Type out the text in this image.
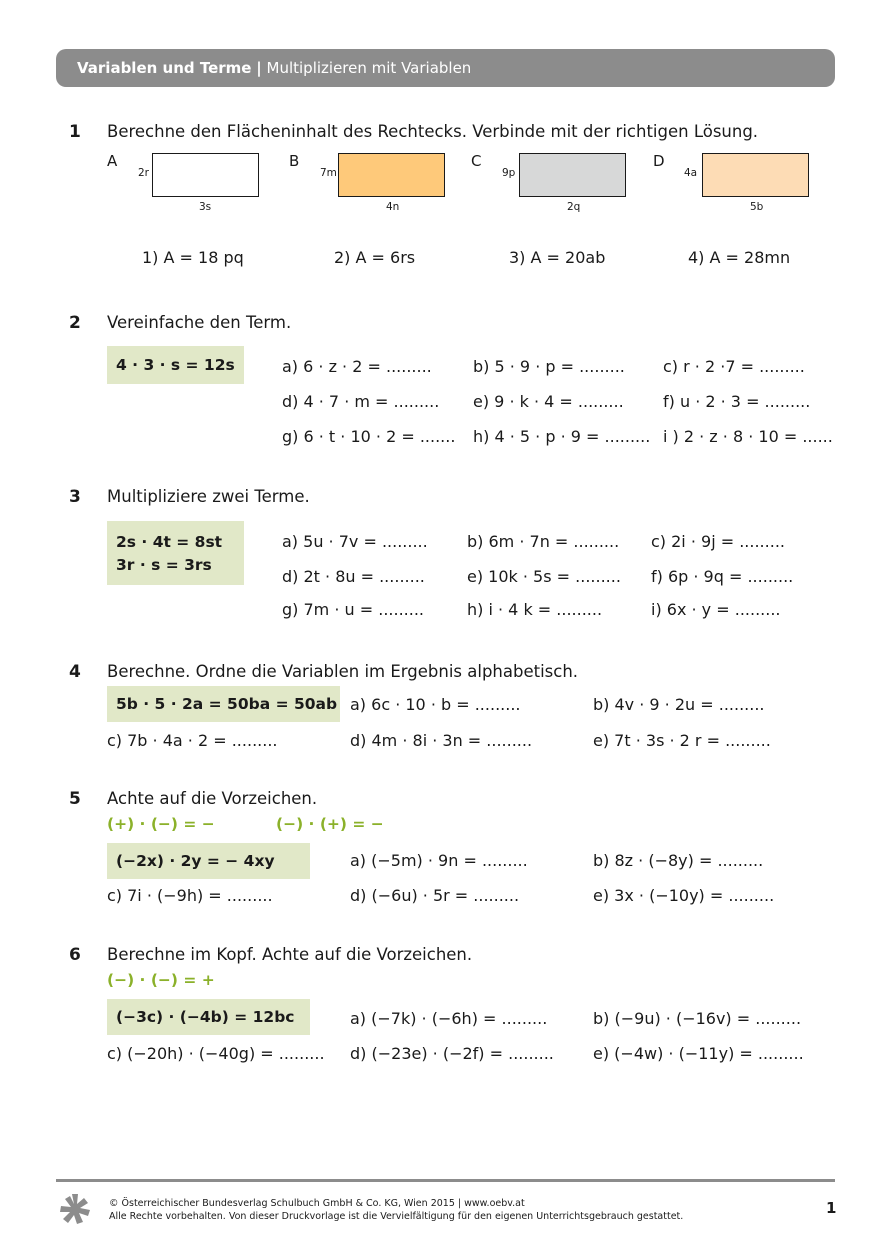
Variablen und Terme | Multiplizieren mit Variablen
1 Berechne den Flächeninhalt des Rechtecks. Verbinde mit der richtigen Lösung.
A
2r
3s
B
7m
4n
C
9p
2q
D
4a
5b
1) A = 18 pq	2) A = 6rs	3) A = 20ab	4) A = 28mn
2 Vereinfache den Term.
4 · 3 · s = 12s	a) 6 · z · 2 = .........	b) 5 · 9 · p = ......... c) r · 2 ·7 = .........
d) 4 · 7 · m = ......... e) 9 · k · 4 = ......... f) u · 2 · 3 = .........
g) 6 · t · 10 · 2 = ....... h) 4 · 5 · p · 9 = ......... i ) 2 · z · 8 · 10 = ......
3 Multipliziere zwei Terme.
2s · 4t = 8st
3r · s = 3rs
a) 5u · 7v = ......... b) 6m · 7n = ......... c) 2i · 9j = .........
d) 2t · 8u = .........	e) 10k · 5s = ......... f) 6p · 9q = .........
g) 7m · u = .........	h) i · 4 k = .........	i) 6x · y = .........
4 Berechne. Ordne die Variablen im Ergebnis alphabetisch.
5b · 5 · 2a = 50ba = 50ab a) 6c · 10 · b = .........	b) 4v · 9 · 2u = .........
c) 7b · 4a · 2 = .........	d) 4m · 8i · 3n = .........	e) 7t · 3s · 2 r = .........
5 Achte auf die Vorzeichen.
(+) · (−) = −	(−) · (+) = −
(−2x) · 2y = − 4xy	a) (−5m) · 9n = .........	b) 8z · (−8y) = .........
c) 7i · (−9h) = .........	d) (−6u) · 5r = .........	e) 3x · (−10y) = .........
6 Berechne im Kopf. Achte auf die Vorzeichen.
(−) · (−) = +
(−3c) · (−4b) = 12bc	a) (−7k) · (−6h) = .........	b) (−9u) · (−16v) = .........
c) (−20h) · (−40g) = ......... d) (−23e) · (−2f) = ......... e) (−4w) · (−11y) = .........
© Österreichischer Bundesverlag Schulbuch GmbH & Co. KG, Wien 2015 | www.oebv.at
Alle Rechte vorbehalten. Von dieser Druckvorlage ist die Vervielfältigung für den eigenen Unterrichtsgebrauch gestattet.	1
